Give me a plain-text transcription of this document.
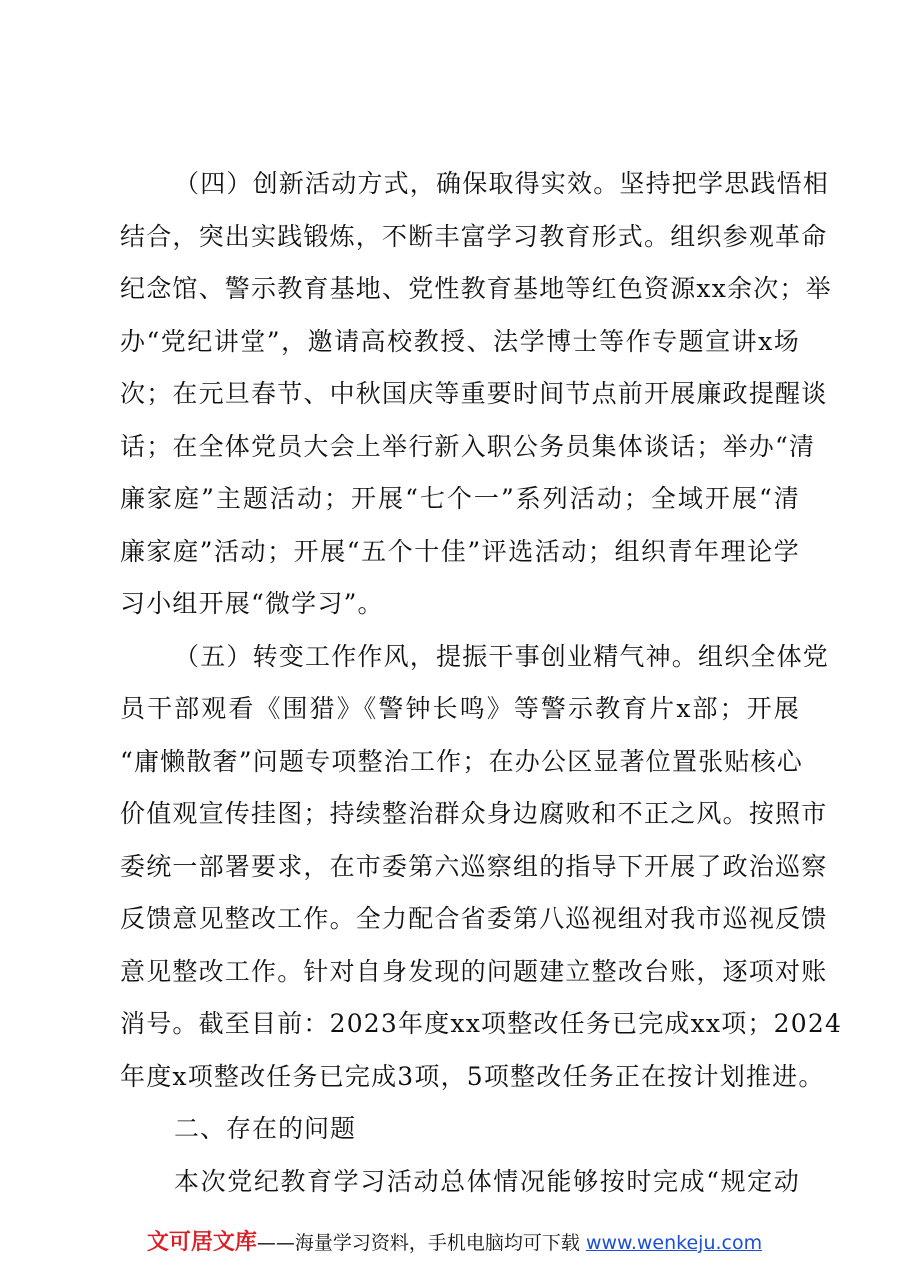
（四）创新活动方式，确保取得实效。坚持把学思践悟相
结合，突出实践锻炼，不断丰富学习教育形式。组织参观革命
纪念馆、警示教育基地、党性教育基地等红色资源xx余次；举
办“党纪讲堂”，邀请高校教授、法学博士等作专题宣讲x场
次；在元旦春节、中秋国庆等重要时间节点前开展廉政提醒谈
话；在全体党员大会上举行新入职公务员集体谈话；举办“清
廉家庭”主题活动；开展“七个一”系列活动；全域开展“清
廉家庭”活动；开展“五个十佳”评选活动；组织青年理论学
习小组开展“微学习”。
（五）转变工作作风，提振干事创业精气神。组织全体党
员干部观看《围猎》《警钟长鸣》等警示教育片x部；开展
“庸懒散奢”问题专项整治工作；在办公区显著位置张贴核心
价值观宣传挂图；持续整治群众身边腐败和不正之风。按照市
委统一部署要求，在市委第六巡察组的指导下开展了政治巡察
反馈意见整改工作。全力配合省委第八巡视组对我市巡视反馈
意见整改工作。针对自身发现的问题建立整改台账，逐项对账
消号。截至目前：2023年度xx项整改任务已完成xx项；2024
年度x项整改任务已完成3项，5项整改任务正在按计划推进。
二、存在的问题
本次党纪教育学习活动总体情况能够按时完成“规定动
文可居文库——海量学习资料，手机电脑均可下载 www.wenkeju.com
